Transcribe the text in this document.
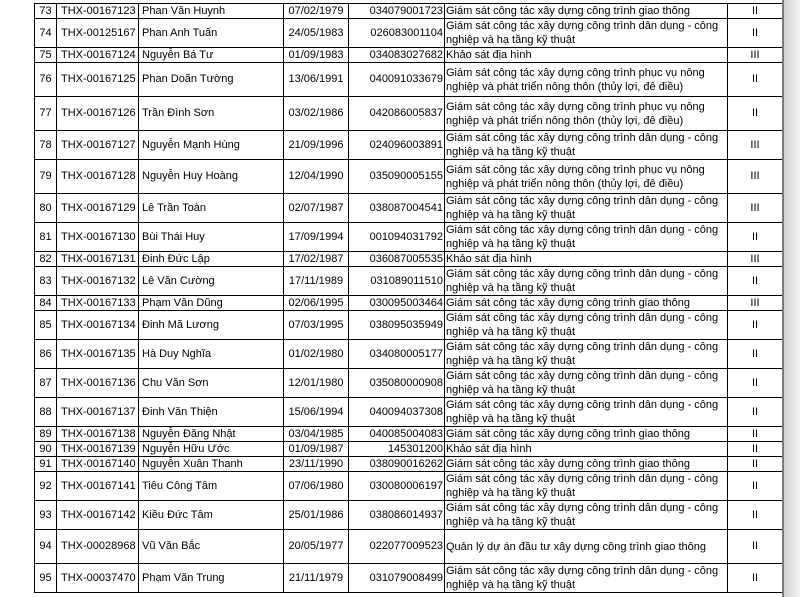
73	THX-00167123	Phan Văn Huynh	07/02/1979	034079001723	Giám sát công tác xây dựng công trình giao thông	II
74	THX-00125167	Phan Anh Tuấn	24/05/1983	026083001104	Giám sát công tác xây dựng công trình dân dụng - công nghiệp và hạ tầng kỹ thuật	II
75	THX-00167124	Nguyễn Bá Tư	01/09/1983	034083027682	Khảo sát địa hình	III
76	THX-00167125	Phan Doãn Tường	13/06/1991	040091033679	Giám sát công tác xây dựng công trình phục vụ nông nghiệp và phát triển nông thôn (thủy lợi, đê điều)	II
77	THX-00167126	Trần Đình Sơn	03/02/1986	042086005837	Giám sát công tác xây dựng công trình phục vụ nông nghiệp và phát triển nông thôn (thủy lợi, đê điều)	II
78	THX-00167127	Nguyễn Mạnh Hùng	21/09/1996	024096003891	Giám sát công tác xây dựng công trình dân dụng - công nghiệp và hạ tầng kỹ thuật	III
79	THX-00167128	Nguyễn Huy Hoàng	12/04/1990	035090005155	Giám sát công tác xây dựng công trình phục vụ nông nghiệp và phát triển nông thôn (thủy lợi, đê điều)	III
80	THX-00167129	Lê Trần Toàn	02/07/1987	038087004541	Giám sát công tác xây dựng công trình dân dụng - công nghiệp và hạ tầng kỹ thuật	III
81	THX-00167130	Bùi Thái Huy	17/09/1994	001094031792	Giám sát công tác xây dựng công trình dân dụng - công nghiệp và hạ tầng kỹ thuật	II
82	THX-00167131	Đinh Đức Lập	17/02/1987	036087005535	Khảo sát địa hình	III
83	THX-00167132	Lê Văn Cường	17/11/1989	031089011510	Giám sát công tác xây dựng công trình dân dụng - công nghiệp và hạ tầng kỹ thuật	II
84	THX-00167133	Phạm Văn Dũng	02/06/1995	030095003464	Giám sát công tác xây dựng công trình giao thông	III
85	THX-00167134	Đinh Mã Lương	07/03/1995	038095035949	Giám sát công tác xây dựng công trình dân dụng - công nghiệp và hạ tầng kỹ thuật	II
86	THX-00167135	Hà Duy Nghĩa	01/02/1980	034080005177	Giám sát công tác xây dựng công trình dân dụng - công nghiệp và hạ tầng kỹ thuật	II
87	THX-00167136	Chu Văn Sơn	12/01/1980	035080000908	Giám sát công tác xây dựng công trình dân dụng - công nghiệp và hạ tầng kỹ thuật	II
88	THX-00167137	Đinh Văn Thiện	15/06/1994	040094037308	Giám sát công tác xây dựng công trình dân dụng - công nghiệp và hạ tầng kỹ thuật	II
89	THX-00167138	Nguyễn Đăng Nhật	03/04/1985	040085004083	Giám sát công tác xây dựng công trình giao thông	II
90	THX-00167139	Nguyễn Hữu Ước	01/09/1987	145301200	Khảo sát địa hình	II
91	THX-00167140	Nguyễn Xuân Thanh	23/11/1990	038090016262	Giám sát công tác xây dựng công trình giao thông	II
92	THX-00167141	Tiêu Công Tâm	07/06/1980	030080006197	Giám sát công tác xây dựng công trình dân dụng - công nghiệp và hạ tầng kỹ thuật	II
93	THX-00167142	Kiều Đức Tâm	25/01/1986	038086014937	Giám sát công tác xây dựng công trình dân dụng - công nghiệp và hạ tầng kỹ thuật	II
94	THX-00028968	Vũ Văn Bắc	20/05/1977	022077009523	Quản lý dự án đầu tư xây dựng công trình giao thông	II
95	THX-00037470	Phạm Văn Trung	21/11/1979	031079008499	Giám sát công tác xây dựng công trình dân dụng - công nghiệp và hạ tầng kỹ thuật	II
